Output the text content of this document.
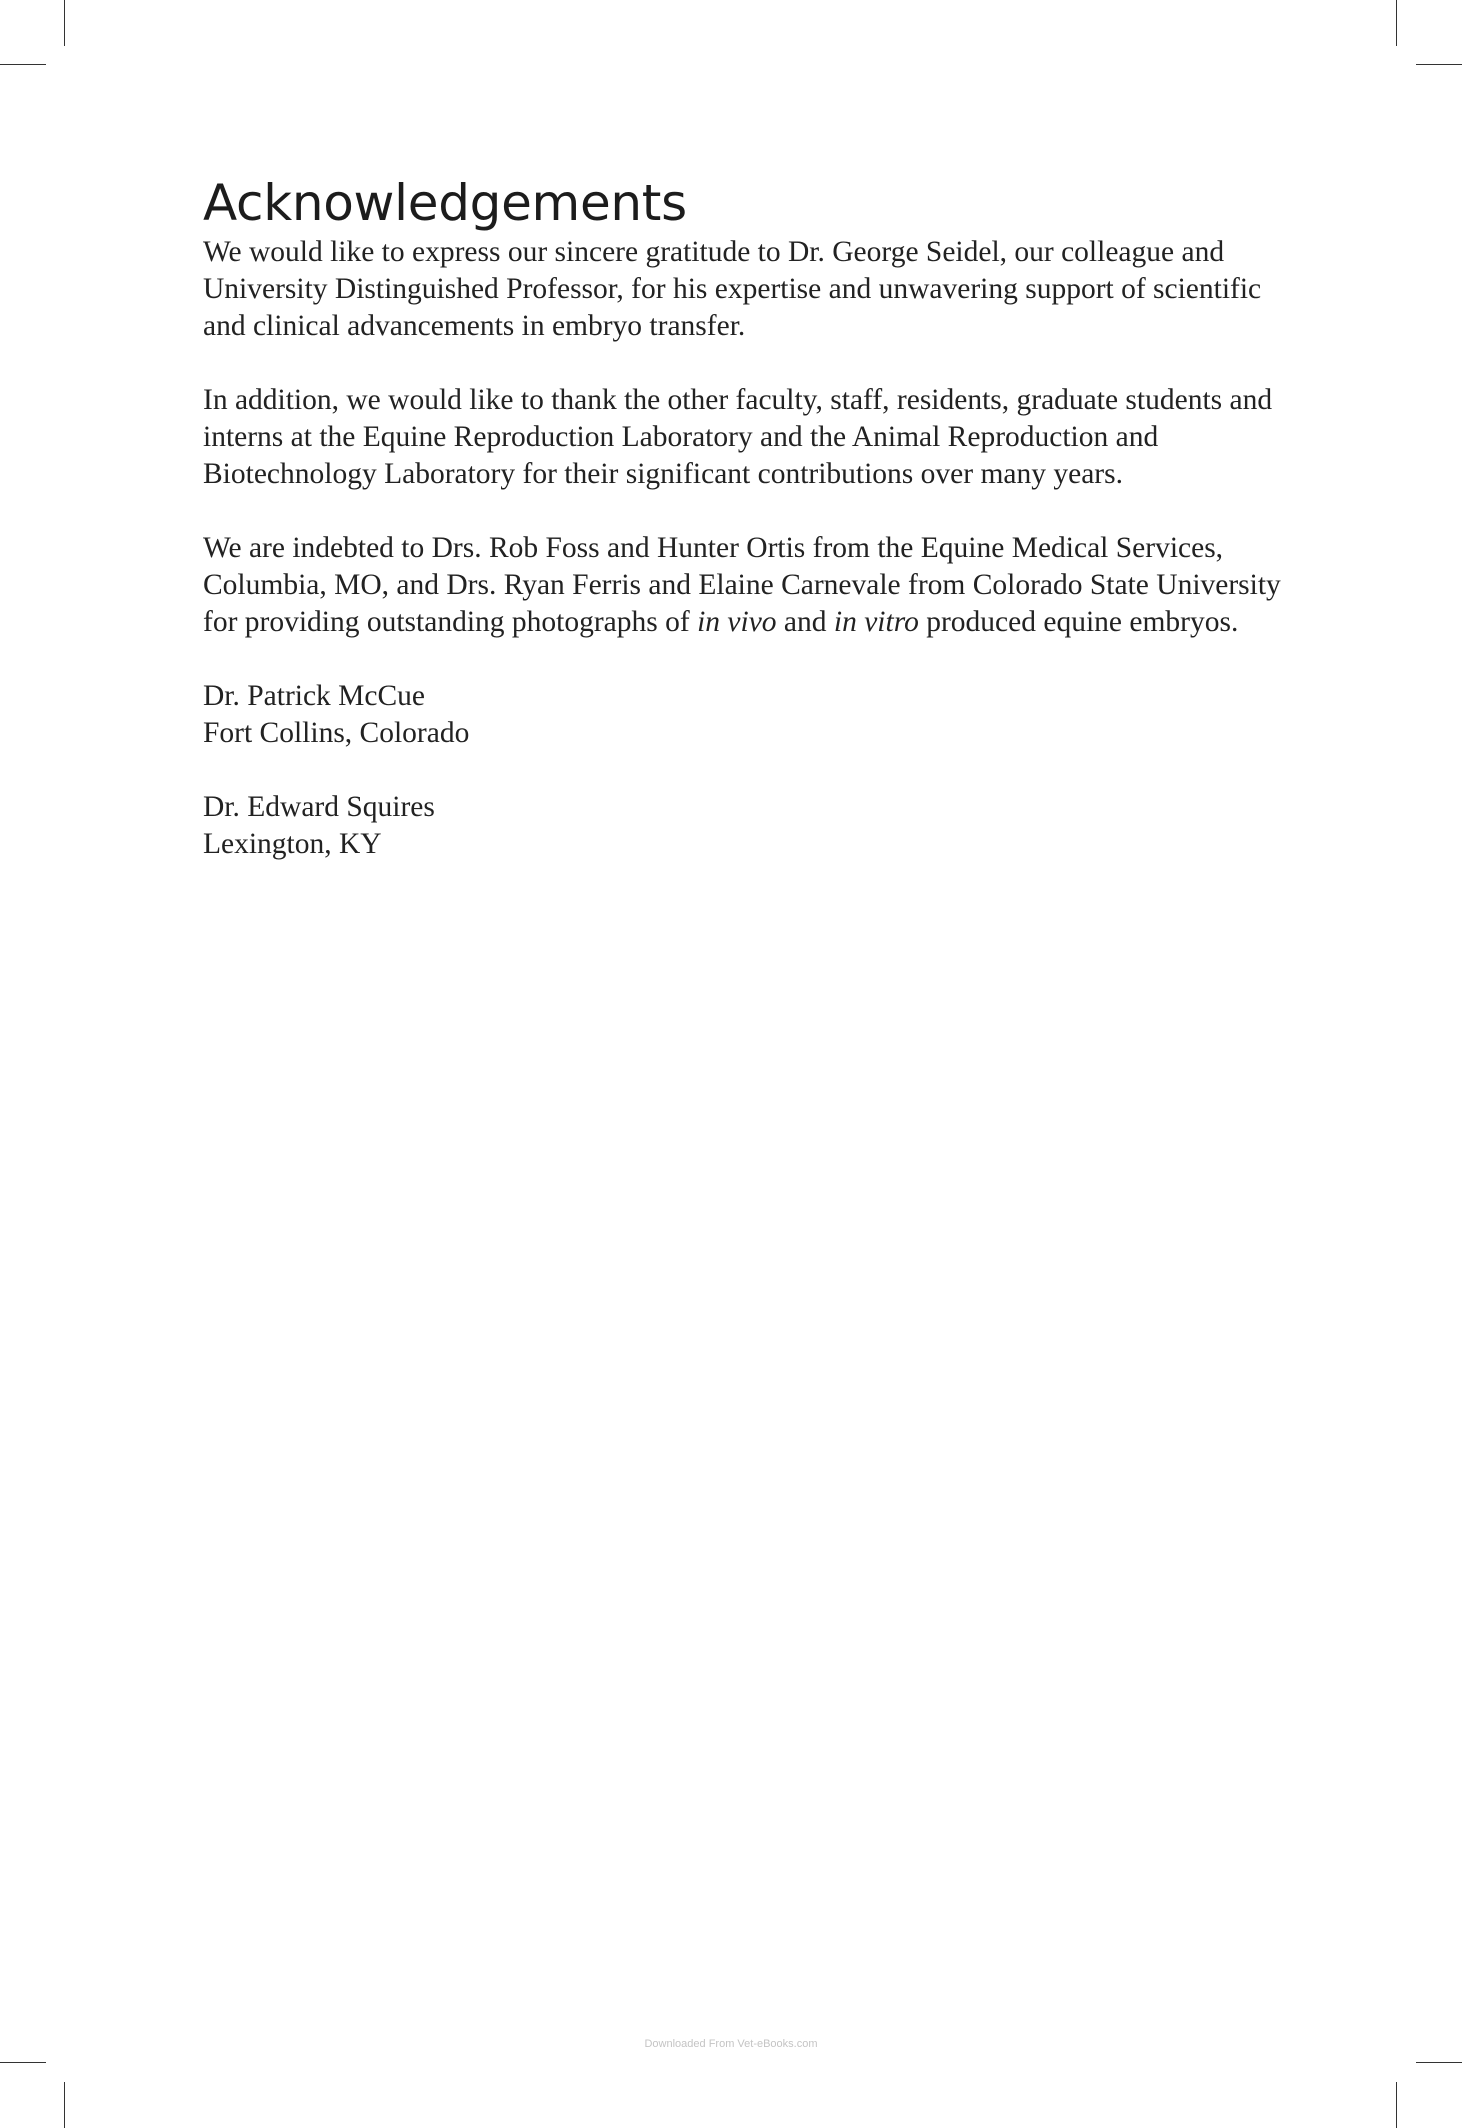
Acknowledgements

We would like to express our sincere gratitude to Dr. George Seidel, our colleague and University Distinguished Professor, for his expertise and unwavering support of scientific and clinical advancements in embryo transfer.

In addition, we would like to thank the other faculty, staff, residents, graduate students and interns at the Equine Reproduction Laboratory and the Animal Reproduction and Biotechnology Laboratory for their significant contributions over many years.

We are indebted to Drs. Rob Foss and Hunter Ortis from the Equine Medical Services, Columbia, MO, and Drs. Ryan Ferris and Elaine Carnevale from Colorado State University for providing outstanding photographs of in vivo and in vitro produced equine embryos.

Dr. Patrick McCue
Fort Collins, Colorado
Dr. Edward Squires
Lexington, KY
Downloaded From Vet-eBooks.com
